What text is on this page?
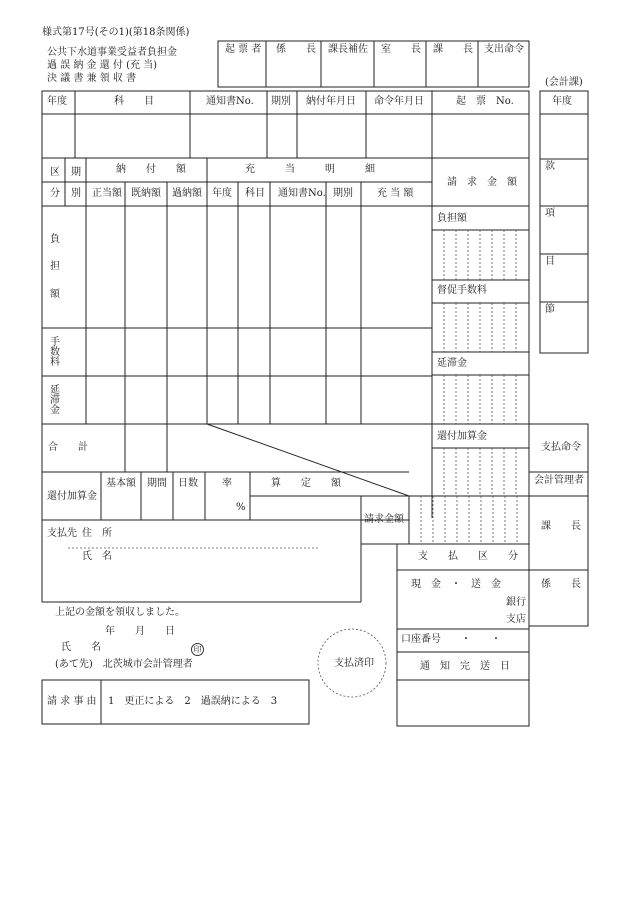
様式第17号(その1)(第18条関係)
公共下水道事業受益者負担金
過 誤 納 金 還 付 (充 当)
決 議 書 兼 領 収 書	(会計課)
起 票 者 係　　長 課長補佐 室　　長 課　　長 支出命令
年度	科　　目	通知書No. 期別 納付年月日 命令年月日	起　票　No.	年度
款
項
目
節
区
分
期
別
納　　付　　額	充　　　当　　　明　　　細
請　求　金　額
正当額 既納額 過納額 年度 科目 通知書No. 期別 充 当 額
負
担
額
手
数
料
延
滞
金
合　　計
負担額
督促手数料
延滞金
還付加算金
還付加算金
基本額 期間 日数 率	算　　定　　額
%
請求金額
支払先 住　所
氏　名	支　　払　　区　　分
現　金　・　送　金
銀行
支店
口座番号　　・　　・
通　知　完　送　日
支払済印
支払命令
会計管理者
課　　長
係　　長
上記の金額を領収しました。
年　　月　　日
氏　　名	印
(あて先)　北茨城市会計管理者
請 求 事 由 1　更正による　2　過誤納による　3
